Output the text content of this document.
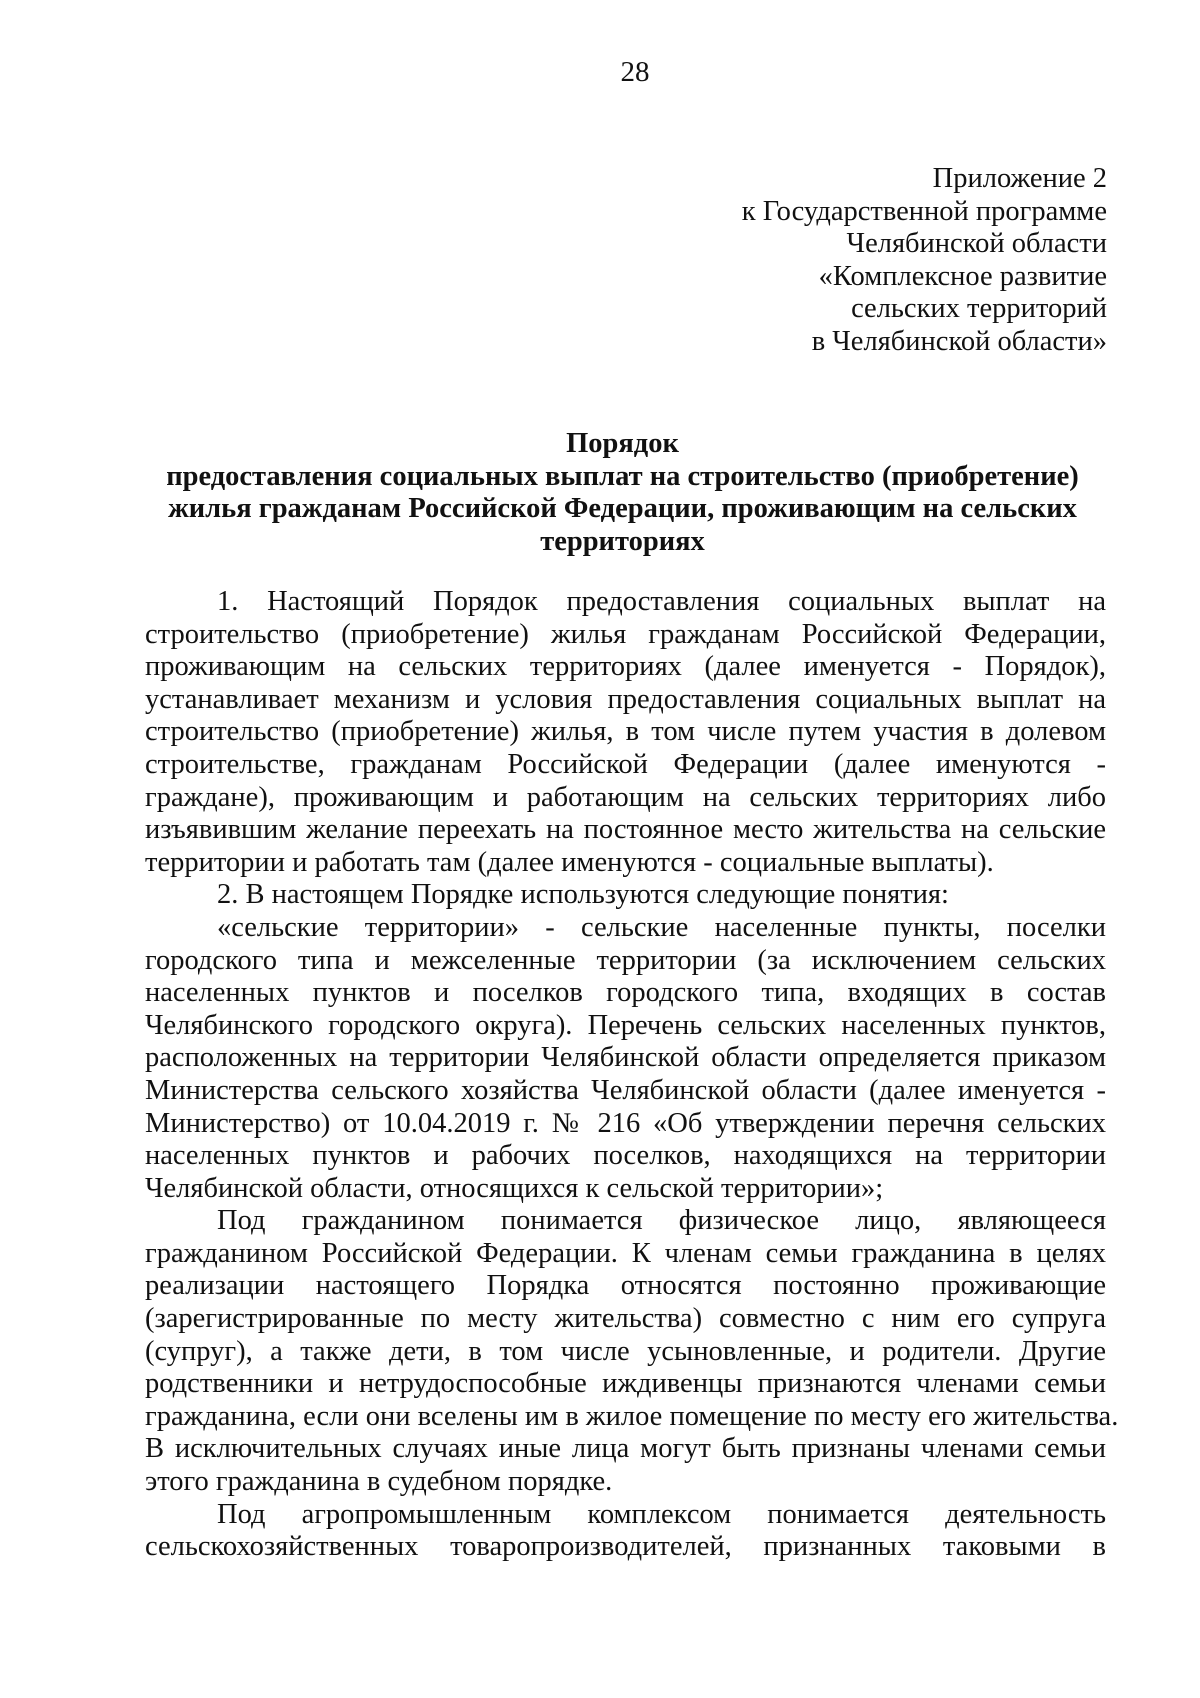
28
Приложение 2
к Государственной программе
Челябинской области
«Комплексное развитие
сельских территорий
в Челябинской области»
Порядок
предоставления социальных выплат на строительство (приобретение)
жилья гражданам Российской Федерации, проживающим на сельских
территориях
1. Настоящий Порядок предоставления социальных выплат на
строительство (приобретение) жилья гражданам Российской Федерации,
проживающим на сельских территориях (далее именуется - Порядок),
устанавливает механизм и условия предоставления социальных выплат на
строительство (приобретение) жилья, в том числе путем участия в долевом
строительстве, гражданам Российской Федерации (далее именуются -
граждане), проживающим и работающим на сельских территориях либо
изъявившим желание переехать на постоянное место жительства на сельские
территории и работать там (далее именуются - социальные выплаты).
2. В настоящем Порядке используются следующие понятия:
«сельские территории» - сельские населенные пункты, поселки
городского типа и межселенные территории (за исключением сельских
населенных пунктов и поселков городского типа, входящих в состав
Челябинского городского округа). Перечень сельских населенных пунктов,
расположенных на территории Челябинской области определяется приказом
Министерства сельского хозяйства Челябинской области (далее именуется -
Министерство) от 10.04.2019 г. № 216 «Об утверждении перечня сельских
населенных пунктов и рабочих поселков, находящихся на территории
Челябинской области, относящихся к сельской территории»;
Под гражданином понимается физическое лицо, являющееся
гражданином Российской Федерации. К членам семьи гражданина в целях
реализации настоящего Порядка относятся постоянно проживающие
(зарегистрированные по месту жительства) совместно с ним его супруга
(супруг), а также дети, в том числе усыновленные, и родители. Другие
родственники и нетрудоспособные иждивенцы признаются членами семьи
гражданина, если они вселены им в жилое помещение по месту его жительства.
В исключительных случаях иные лица могут быть признаны членами семьи
этого гражданина в судебном порядке.
Под агропромышленным комплексом понимается деятельность
сельскохозяйственных товаропроизводителей, признанных таковыми в
